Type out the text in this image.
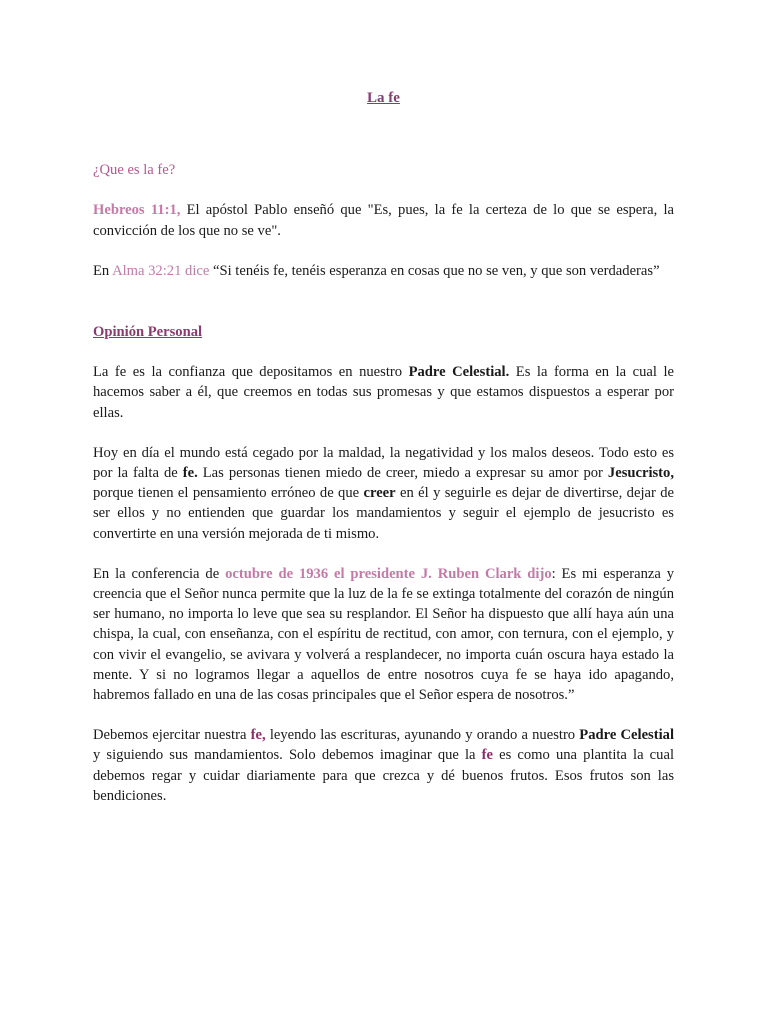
La fe

¿Que es la fe?

Hebreos 11:1, El apóstol Pablo enseñó que "Es, pues, la fe la certeza de lo que se espera, la convicción de los que no se ve".

En Alma 32:21 dice “Si tenéis fe, tenéis esperanza en cosas que no se ven, y que son verdaderas”

Opinión Personal

La fe es la confianza que depositamos en nuestro Padre Celestial. Es la forma en la cual le hacemos saber a él, que creemos en todas sus promesas y que estamos dispuestos a esperar por ellas.

Hoy en día el mundo está cegado por la maldad, la negatividad y los malos deseos. Todo esto es por la falta de fe. Las personas tienen miedo de creer, miedo a expresar su amor por Jesucristo, porque tienen el pensamiento erróneo de que creer en él y seguirle es dejar de divertirse, dejar de ser ellos y no entienden que guardar los mandamientos y seguir el ejemplo de jesucristo es convertirte en una versión mejorada de ti mismo.

En la conferencia de octubre de 1936 el presidente J. Ruben Clark dijo: Es mi esperanza y creencia que el Señor nunca permite que la luz de la fe se extinga totalmente del corazón de ningún ser humano, no importa lo leve que sea su resplandor. El Señor ha dispuesto que allí haya aún una chispa, la cual, con enseñanza, con el espíritu de rectitud, con amor, con ternura, con el ejemplo, y con vivir el evangelio, se avivara y volverá a resplandecer, no importa cuán oscura haya estado la mente. Y si no logramos llegar a aquellos de entre nosotros cuya fe se haya ido apagando, habremos fallado en una de las cosas principales que el Señor espera de nosotros.”

Debemos ejercitar nuestra fe, leyendo las escrituras, ayunando y orando a nuestro Padre Celestial y siguiendo sus mandamientos. Solo debemos imaginar que la fe es como una plantita la cual debemos regar y cuidar diariamente para que crezca y dé buenos frutos. Esos frutos son las bendiciones.
